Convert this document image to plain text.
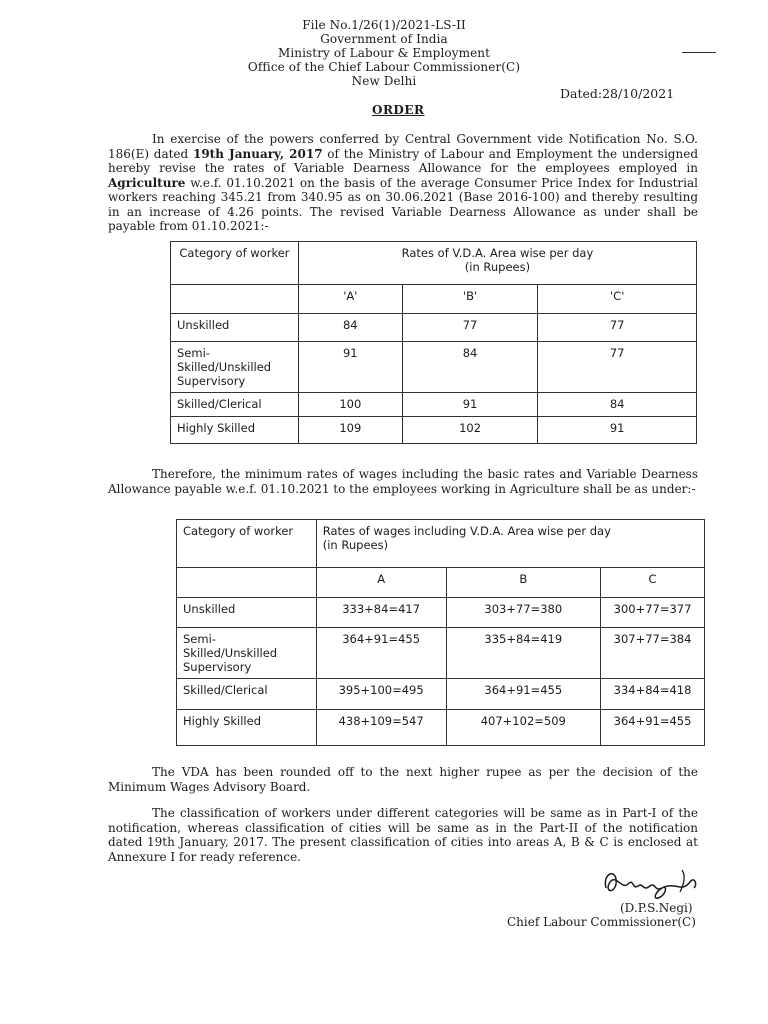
File No.1/26(1)/2021-LS-II
Government of India
Ministry of Labour & Employment
Office of the Chief Labour Commissioner(C)
New Delhi
Dated:28/10/2021
ORDER
In exercise of the powers conferred by Central Government vide Notification No. S.O. 186(E) dated 19th January, 2017 of the Ministry of Labour and Employment the undersigned hereby revise the rates of Variable Dearness Allowance for the employees employed in Agriculture w.e.f. 01.10.2021 on the basis of the average Consumer Price Index for Industrial workers reaching 345.21 from 340.95 as on 30.06.2021 (Base 2016-100) and thereby resulting in an increase of 4.26 points. The revised Variable Dearness Allowance as under shall be payable from 01.10.2021:-
Category of worker	Rates of V.D.A. Area wise per day
(in Rupees)		

	'A'	'B'	'C'
Unskilled	84	77	77
Semi-Skilled/Unskilled Supervisory	91	84	77
Skilled/Clerical	100	91	84
Highly Skilled	109	102	91
Therefore, the minimum rates of wages including the basic rates and Variable Dearness Allowance payable w.e.f. 01.10.2021 to the employees working in Agriculture shall be as under:-
Category of worker	Rates of wages including V.D.A. Area wise per day
(in Rupees)		

	A	B	C
Unskilled	333+84=417	303+77=380	300+77=377
Semi-Skilled/Unskilled Supervisory	364+91=455	335+84=419	307+77=384
Skilled/Clerical	395+100=495	364+91=455	334+84=418
Highly Skilled	438+109=547	407+102=509	364+91=455
The VDA has been rounded off to the next higher rupee as per the decision of the Minimum Wages Advisory Board.
The classification of workers under different categories will be same as in Part-I of the notification, whereas classification of cities will be same as in the Part-II of the notification dated 19th January, 2017. The present classification of cities into areas A, B & C is enclosed at Annexure I for ready reference.
(D.P.S.Negi)
Chief Labour Commissioner(C)
